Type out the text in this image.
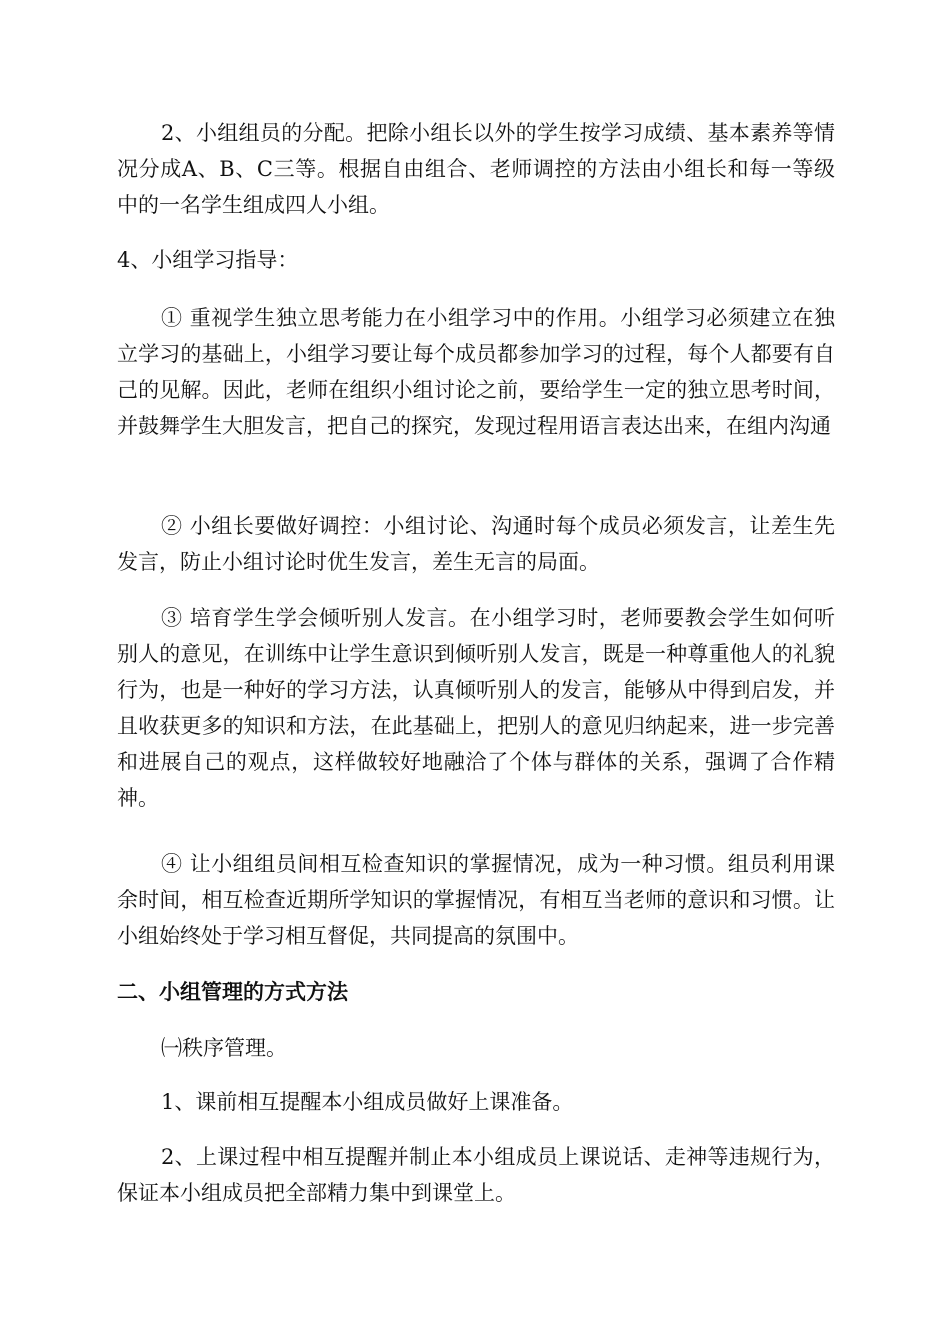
2、小组组员的分配。把除小组长以外的学生按学习成绩、基本素养等情况分成A、B、C三等。根据自由组合、老师调控的方法由小组长和每一等级中的一名学生组成四人小组。

4、小组学习指导：

① 重视学生独立思考能力在小组学习中的作用。小组学习必须建立在独立学习的基础上，小组学习要让每个成员都参加学习的过程，每个人都要有自己的见解。因此，老师在组织小组讨论之前，要给学生一定的独立思考时间，并鼓舞学生大胆发言，把自己的探究，发现过程用语言表达出来，在组内沟通

② 小组长要做好调控：小组讨论、沟通时每个成员必须发言，让差生先发言，防止小组讨论时优生发言，差生无言的局面。

③ 培育学生学会倾听别人发言。在小组学习时，老师要教会学生如何听别人的意见，在训练中让学生意识到倾听别人发言，既是一种尊重他人的礼貌行为，也是一种好的学习方法，认真倾听别人的发言，能够从中得到启发，并且收获更多的知识和方法，在此基础上，把别人的意见归纳起来，进一步完善和进展自己的观点，这样做较好地融洽了个体与群体的关系，强调了合作精神。

④ 让小组组员间相互检查知识的掌握情况，成为一种习惯。组员利用课余时间，相互检查近期所学知识的掌握情况，有相互当老师的意识和习惯。让小组始终处于学习相互督促，共同提高的氛围中。

二、小组管理的方式方法

㈠秩序管理。

1、课前相互提醒本小组成员做好上课准备。

2、上课过程中相互提醒并制止本小组成员上课说话、走神等违规行为，保证本小组成员把全部精力集中到课堂上。
